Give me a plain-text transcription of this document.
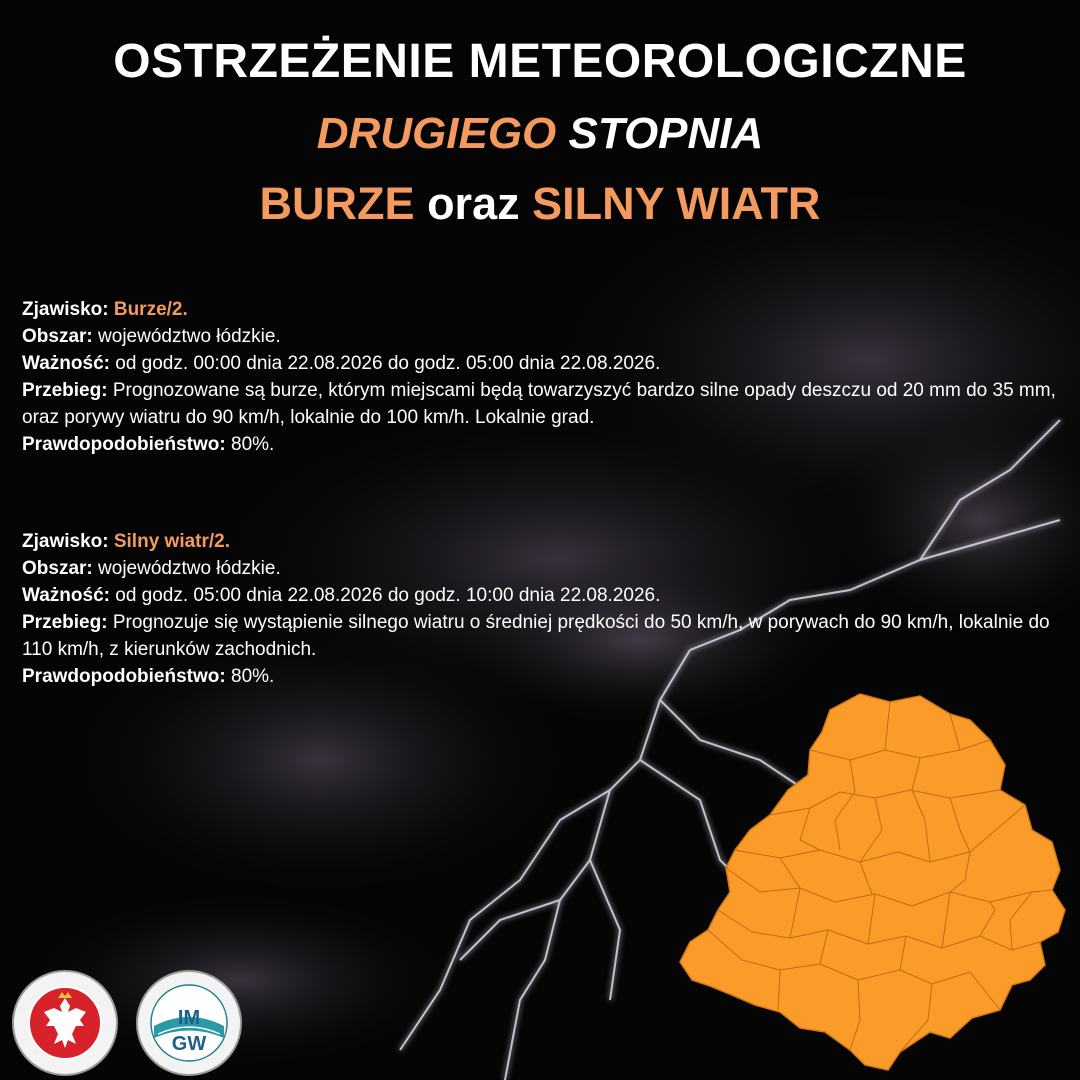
OSTRZEŻENIE METEOROLOGICZNE
DRUGIEGO STOPNIA
BURZE oraz SILNY WIATR
Zjawisko: Burze/2.
Obszar: województwo łódzkie.
Ważność: od godz. 00:00 dnia 22.08.2026 do godz. 05:00 dnia 22.08.2026.
Przebieg: Prognozowane są burze, którym miejscami będą towarzyszyć bardzo silne opady deszczu od 20 mm do 35 mm, oraz porywy wiatru do 90 km/h, lokalnie do 100 km/h. Lokalnie grad.
Prawdopodobieństwo: 80%.
Zjawisko: Silny wiatr/2.
Obszar: województwo łódzkie.
Ważność: od godz. 05:00 dnia 22.08.2026 do godz. 10:00 dnia 22.08.2026.
Przebieg: Prognozuje się wystąpienie silnego wiatru o średniej prędkości do 50 km/h, w porywach do 90 km/h, lokalnie do 110 km/h, z kierunków zachodnich.
Prawdopodobieństwo: 80%.
IM
GW
